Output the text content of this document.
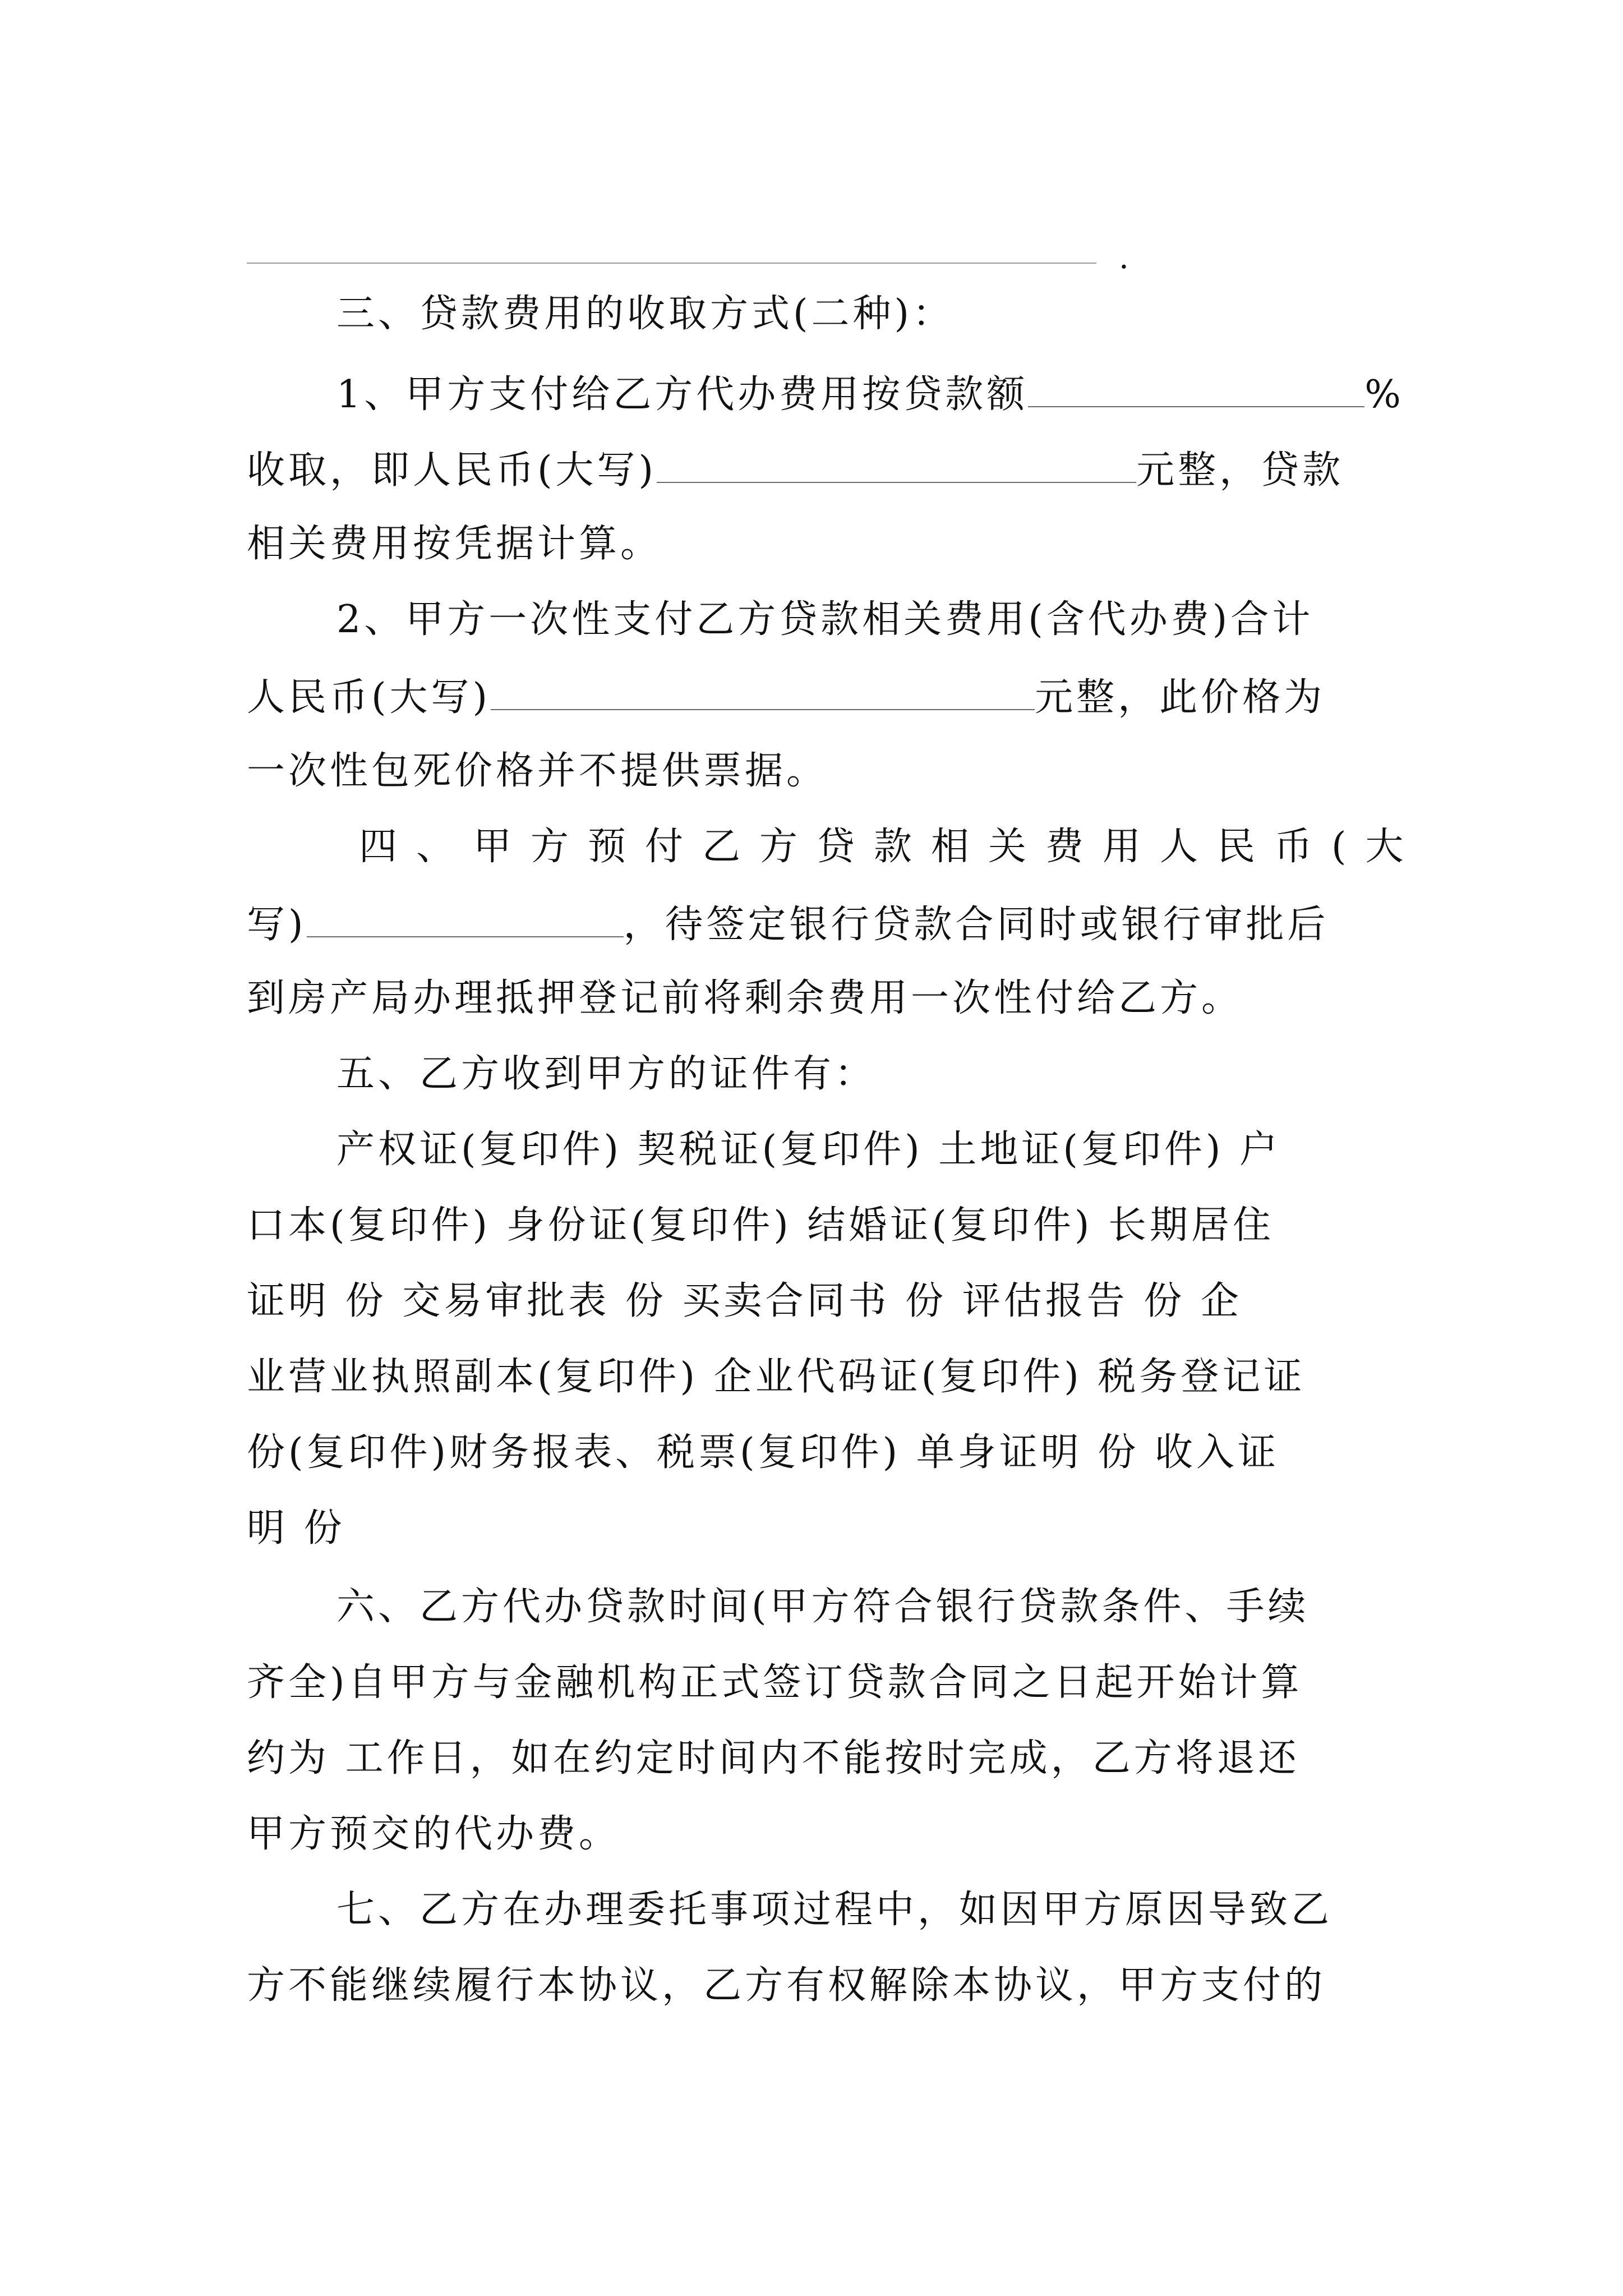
.
三、贷款费用的收取方式(二种)：
1、甲方支付给乙方代办费用按贷款额	%
收取，即人民币(大写)	元整，贷款
相关费用按凭据计算。
2、甲方一次性支付乙方贷款相关费用(含代办费)合计
人民币(大写)	元整，此价格为
一次性包死价格并不提供票据。
四、甲方预付乙方贷款相关费用人民币(大
写)	，待签定银行贷款合同时或银行审批后
到房产局办理抵押登记前将剩余费用一次性付给乙方。
五、乙方收到甲方的证件有：
产权证(复印件) 契税证(复印件) 土地证(复印件) 户
口本(复印件) 身份证(复印件) 结婚证(复印件) 长期居住
证明 份 交易审批表 份 买卖合同书 份 评估报告 份 企
业营业执照副本(复印件) 企业代码证(复印件) 税务登记证
份(复印件)财务报表、税票(复印件) 单身证明 份 收入证
明 份
六、乙方代办贷款时间(甲方符合银行贷款条件、手续
齐全)自甲方与金融机构正式签订贷款合同之日起开始计算
约为 工作日，如在约定时间内不能按时完成，乙方将退还
甲方预交的代办费。
七、乙方在办理委托事项过程中，如因甲方原因导致乙
方不能继续履行本协议，乙方有权解除本协议，甲方支付的
